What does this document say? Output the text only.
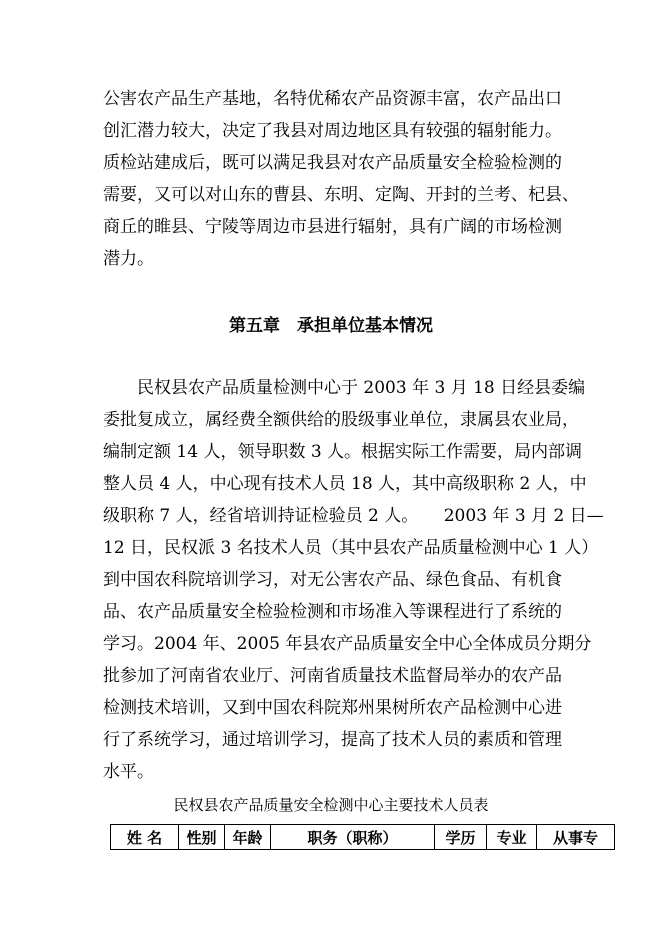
公害农产品生产基地，名特优稀农产品资源丰富，农产品出口
创汇潜力较大，决定了我县对周边地区具有较强的辐射能力。
质检站建成后，既可以满足我县对农产品质量安全检验检测的
需要，又可以对山东的曹县、东明、定陶、开封的兰考、杞县、
商丘的睢县、宁陵等周边市县进行辐射，具有广阔的市场检测
潜力。
第五章　承担单位基本情况
民权县农产品质量检测中心于 2003 年 3 月 18 日经县委编
委批复成立，属经费全额供给的股级事业单位，隶属县农业局，
编制定额 14 人，领导职数 3 人。根据实际工作需要，局内部调
整人员 4 人，中心现有技术人员 18 人，其中高级职称 2 人，中
级职称 7 人，经省培训持证检验员 2 人。　　2003 年 3 月 2 日—
12 日，民权派 3 名技术人员（其中县农产品质量检测中心 1 人）
到中国农科院培训学习，对无公害农产品、绿色食品、有机食
品、农产品质量安全检验检测和市场准入等课程进行了系统的
学习。2004 年、2005 年县农产品质量安全中心全体成员分期分
批参加了河南省农业厅、河南省质量技术监督局举办的农产品
检测技术培训，又到中国农科院郑州果树所农产品检测中心进
行了系统学习，通过培训学习，提高了技术人员的素质和管理
水平。
民权县农产品质量安全检测中心主要技术人员表
姓 名	性别	年龄	职务（职称）	学历	专业	从事专
